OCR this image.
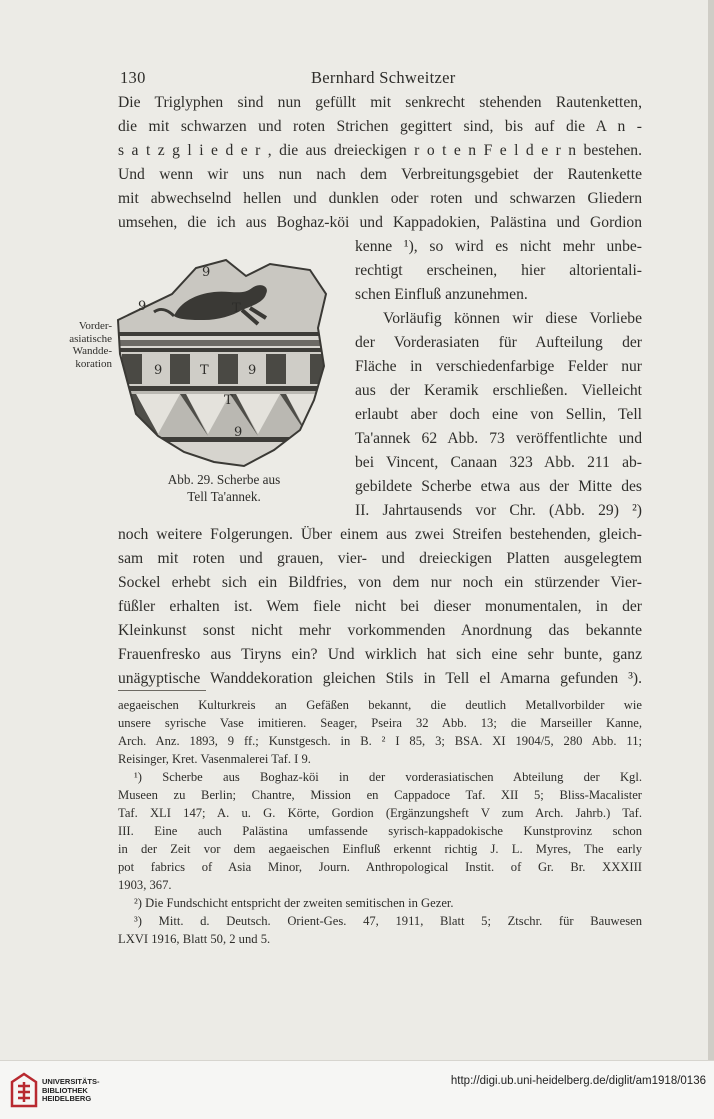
130	Bernhard Schweitzer
Die Triglyphen sind nun gefüllt mit senkrecht stehenden Rautenketten,
die mit schwarzen und roten Strichen gegittert sind, bis auf die A n -
s a t z g l i e d e r , die aus dreieckigen r o t e n F e l d e r n bestehen.
Und wenn wir uns nun nach dem Verbreitungsgebiet der Rautenkette
mit abwechselnd hellen und dunklen oder roten und schwarzen Gliedern
umsehen, die ich aus Boghaz-köi und Kappadokien, Palästina und Gordion
kenne ¹), so wird es nicht mehr unbe-
rechtigt erscheinen, hier altorientali-
schen Einfluß anzunehmen.
Vorläufig können wir diese Vorliebe
der Vorderasiaten für Aufteilung der
Fläche in verschiedenfarbige Felder nur
aus der Keramik erschließen. Vielleicht
erlaubt aber doch eine von Sellin, Tell
Ta'annek 62 Abb. 73 veröffentlichte und
bei Vincent, Canaan 323 Abb. 211 ab-
gebildete Scherbe etwa aus der Mitte des
II. Jahrtausends vor Chr. (Abb. 29) ²)
noch weitere Folgerungen. Über einem aus zwei Streifen bestehenden, gleich-
sam mit roten und grauen, vier- und dreieckigen Platten ausgelegtem
Sockel erhebt sich ein Bildfries, von dem nur noch ein stürzender Vier-
füßler erhalten ist. Wem fiele nicht bei dieser monumentalen, in der
Kleinkunst sonst nicht mehr vorkommenden Anordnung das bekannte
Frauenfresko aus Tiryns ein? Und wirklich hat sich eine sehr bunte, ganz
unägyptische Wanddekoration gleichen Stils in Tell el Amarna gefunden ³).
Vorder-
asiatische
Wandde-
koration
9
T
9
9	T	9
T
9
Abb. 29. Scherbe aus
Tell Ta'annek.
aegaeischen Kulturkreis an Gefäßen bekannt, die deutlich Metallvorbilder wie
unsere syrische Vase imitieren. Seager, Pseira 32 Abb. 13; die Marseiller Kanne,
Arch. Anz. 1893, 9 ff.; Kunstgesch. in B. ² I 85, 3; BSA. XI 1904/5, 280 Abb. 11;
Reisinger, Kret. Vasenmalerei Taf. I 9.
¹) Scherbe aus Boghaz-köi in der vorderasiatischen Abteilung der Kgl.
Museen zu Berlin; Chantre, Mission en Cappadoce Taf. XII 5; Bliss-Macalister
Taf. XLI 147; A. u. G. Körte, Gordion (Ergänzungsheft V zum Arch. Jahrb.) Taf.
III. Eine auch Palästina umfassende syrisch-kappadokische Kunstprovinz schon
in der Zeit vor dem aegaeischen Einfluß erkennt richtig J. L. Myres, The early
pot fabrics of Asia Minor, Journ. Anthropological Instit. of Gr. Br. XXXIII
1903, 367.
²) Die Fundschicht entspricht der zweiten semitischen in Gezer.
³) Mitt. d. Deutsch. Orient-Ges. 47, 1911, Blatt 5; Ztschr. für Bauwesen
LXVI 1916, Blatt 50, 2 und 5.
UNIVERSITÄTS-
BIBLIOTHEK
HEIDELBERG
http://digi.ub.uni-heidelberg.de/diglit/am1918/0136
